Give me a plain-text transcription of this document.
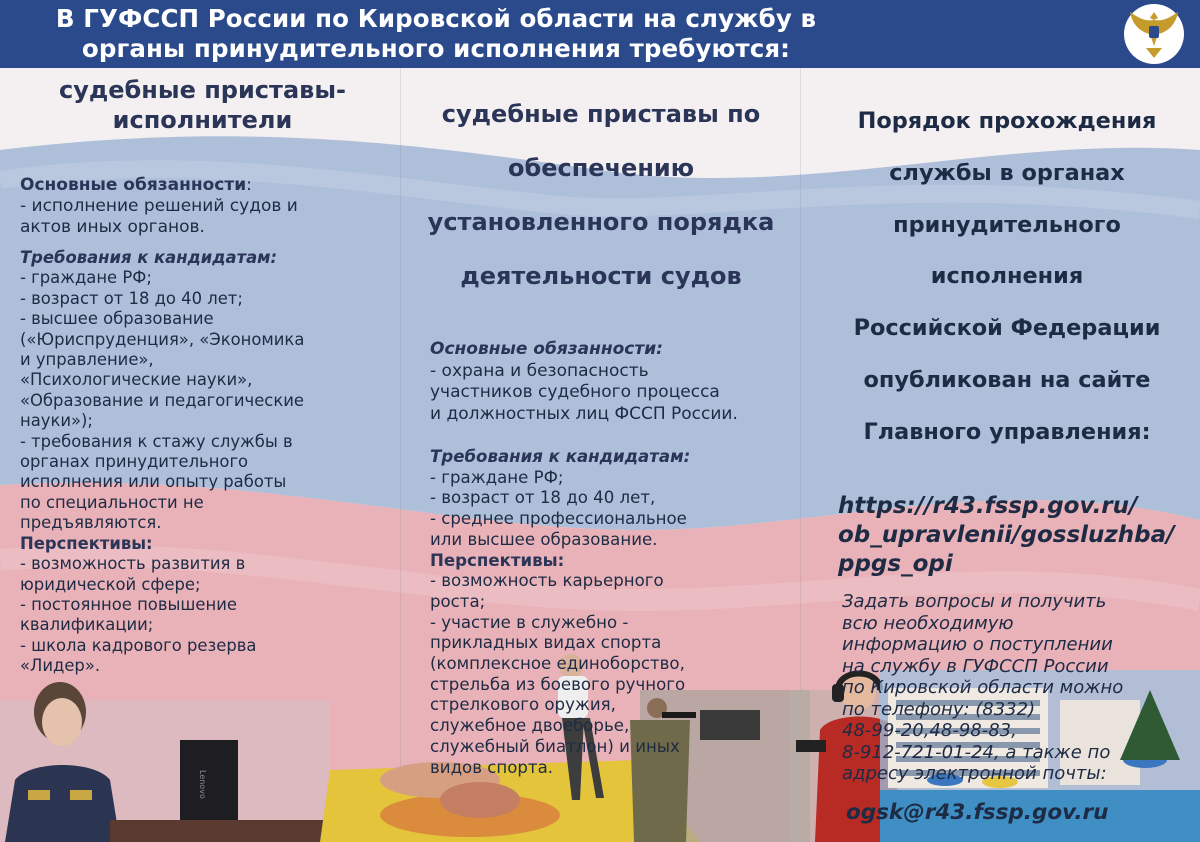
Lenovo
В ГУФССП России по Кировской области на службу в
органы принудительного исполнения требуются:
судебные приставы-
исполнители

Основные обязанности:

- исполнение решений судов и

актов иных органов.

Требования к кандидатам:

- граждане РФ;

- возраст от 18 до 40 лет;

- высшее образование

(«Юриспруденция», «Экономика

и управление»,

«Психологические науки»,

«Образование и педагогические

науки»);

- требования к стажу службы в

органах принудительного

исполнения или опыту работы

по специальности не

предъявляются.

Перспективы:

- возможность развития в

юридической сфере;

- постоянное повышение

квалификации;

- школа кадрового резерва

«Лидер».

судебные приставы по

обеспечению

установленного порядка

деятельности судов

Основные обязанности:

- охрана и безопасность

участников судебного процесса

и должностных лиц ФССП России.

Требования к кандидатам:

- граждане РФ;

- возраст от 18 до 40 лет,

- среднее профессиональное

или высшее образование.

Перспективы:

- возможность карьерного

роста;

- участие в служебно -

прикладных видах спорта

(комплексное единоборство,

стрельба из боевого ручного

стрелкового оружия,

служебное двоеборье,

служебный биатлон) и иных

видов спорта.

Порядок прохождения

службы в органах

принудительного

исполнения

Российской Федерации

опубликован на сайте

Главного управления:

https://r43.fssp.gov.ru/

ob_upravlenii/gossluzhba/

ppgs_opi

Задать вопросы и получить

всю необходимую

информацию о поступлении

на службу в ГУФССП России

по Кировской области можно

по телефону: (8332)

48-99-20,48-98-83,

8-912-721-01-24, а также по

адресу электронной почты:

ogsk@r43.fssp.gov.ru
